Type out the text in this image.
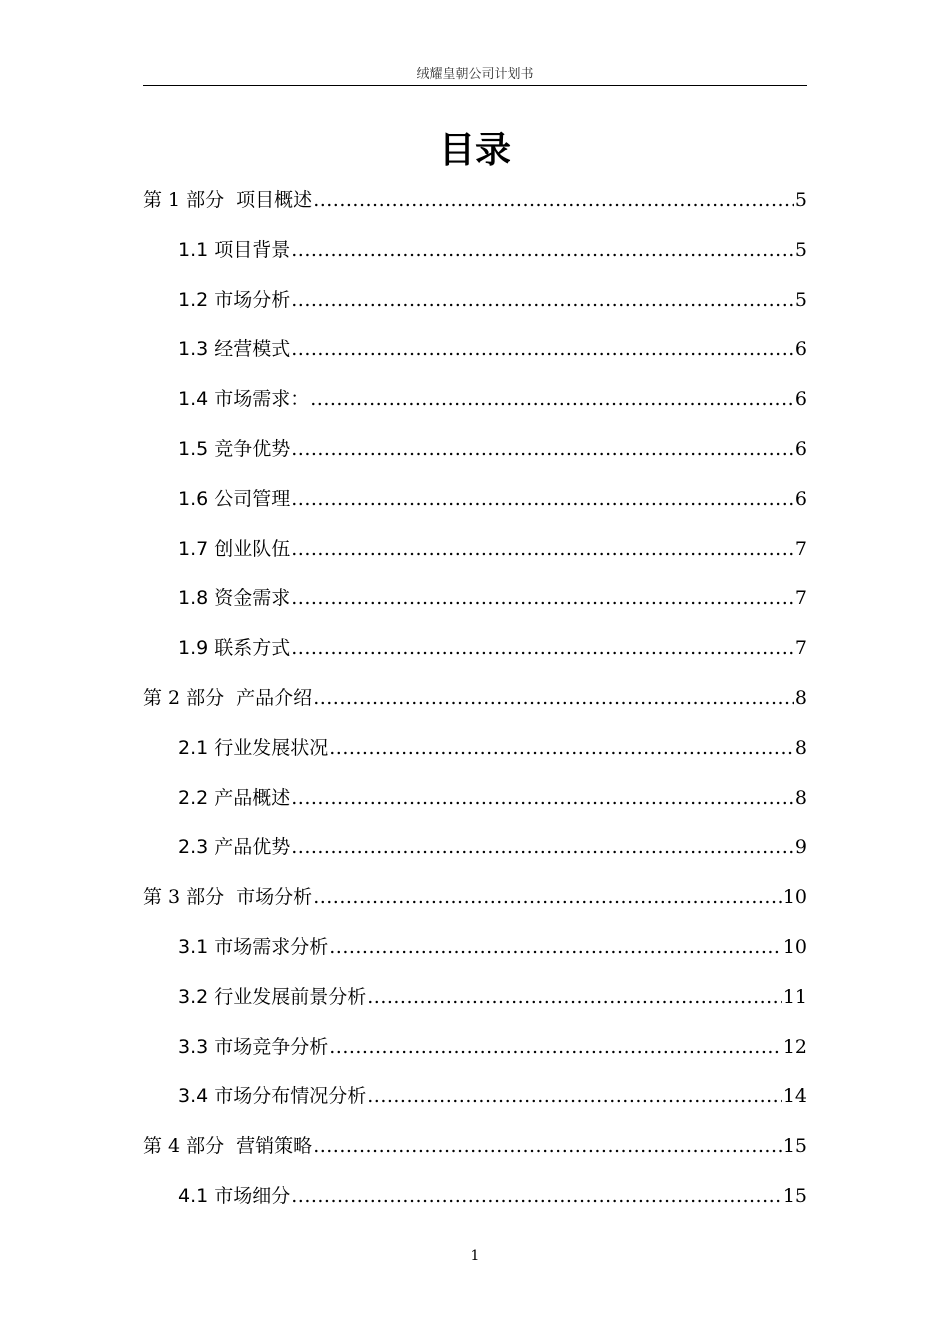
绒耀皇朝公司计划书
目录
第 1 部分 项目概述 .....	5
1.1 项目背景 .....	5
1.2 市场分析 .....	5
1.3 经营模式 .....	6
1.4 市场需求： .....	6
1.5 竞争优势 .....	6
1.6 公司管理 .....	6
1.7 创业队伍 .....	7
1.8 资金需求 .....	7
1.9 联系方式 .....	7
第 2 部分 产品介绍 .....	8
2.1 行业发展状况 .....	8
2.2 产品概述 .....	8
2.3 产品优势 .....	9
第 3 部分 市场分析 .....	10
3.1 市场需求分析 .....	10
3.2 行业发展前景分析 .....	11
3.3 市场竞争分析 .....	12
3.4 市场分布情况分析 .....	14
第 4 部分 营销策略 .....	15
4.1 市场细分 .....	15
1
